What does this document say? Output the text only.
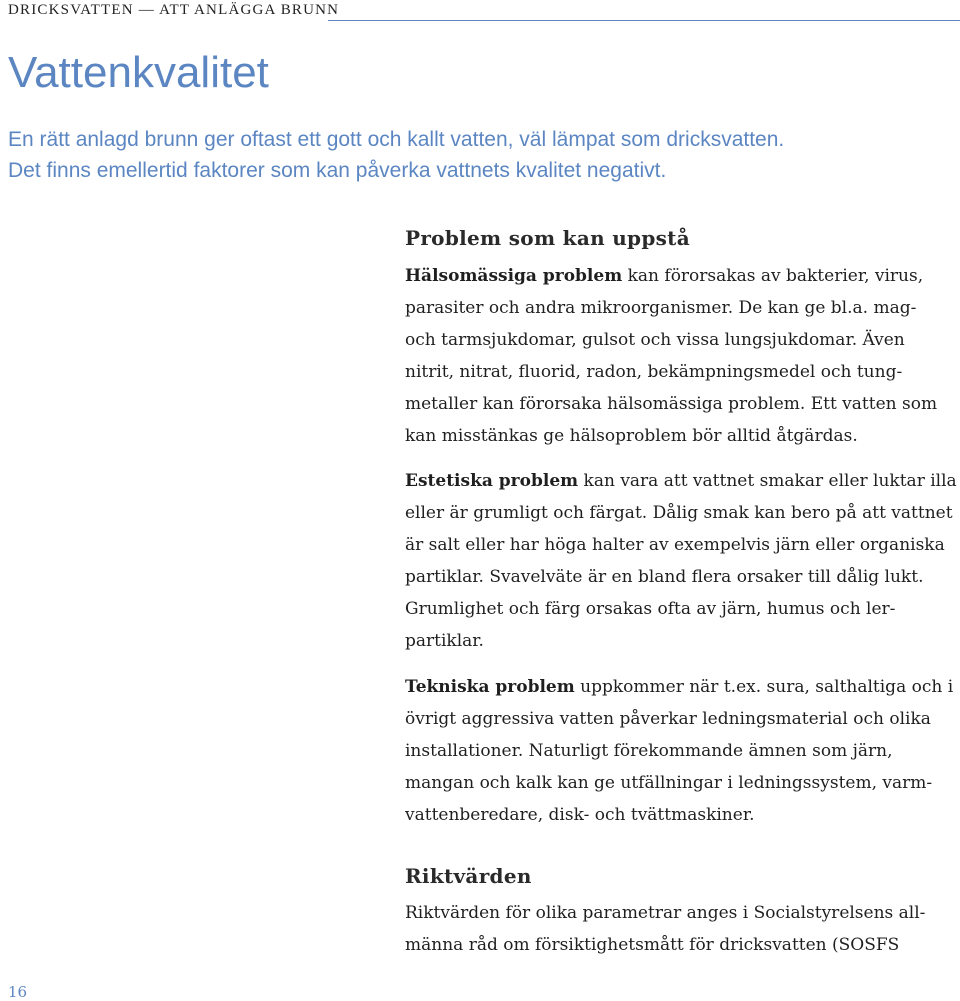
DRICKSVATTEN — ATT ANLÄGGA BRUNN
Vattenkvalitet
En rätt anlagd brunn ger oftast ett gott och kallt vatten, väl lämpat som dricksvatten.
Det finns emellertid faktorer som kan påverka vattnets kvalitet negativt.
Problem som kan uppstå
Hälsomässiga problem kan förorsakas av bakterier, virus,
parasiter och andra mikroorganismer. De kan ge bl.a. mag-
och tarmsjukdomar, gulsot och vissa lungsjukdomar. Även
nitrit, nitrat, fluorid, radon, bekämpningsmedel och tung-
metaller kan förorsaka hälsomässiga problem. Ett vatten som
kan misstänkas ge hälsoproblem bör alltid åtgärdas.
Estetiska problem kan vara att vattnet smakar eller luktar illa
eller är grumligt och färgat. Dålig smak kan bero på att vattnet
är salt eller har höga halter av exempelvis järn eller organiska
partiklar. Svavelväte är en bland flera orsaker till dålig lukt.
Grumlighet och färg orsakas ofta av järn, humus och ler-
partiklar.
Tekniska problem uppkommer när t.ex. sura, salthaltiga och i
övrigt aggressiva vatten påverkar ledningsmaterial och olika
installationer. Naturligt förekommande ämnen som järn,
mangan och kalk kan ge utfällningar i ledningssystem, varm-
vattenberedare, disk- och tvättmaskiner.
Riktvärden
Riktvärden för olika parametrar anges i Socialstyrelsens all-
männa råd om försiktighetsmått för dricksvatten (SOSFS
16
